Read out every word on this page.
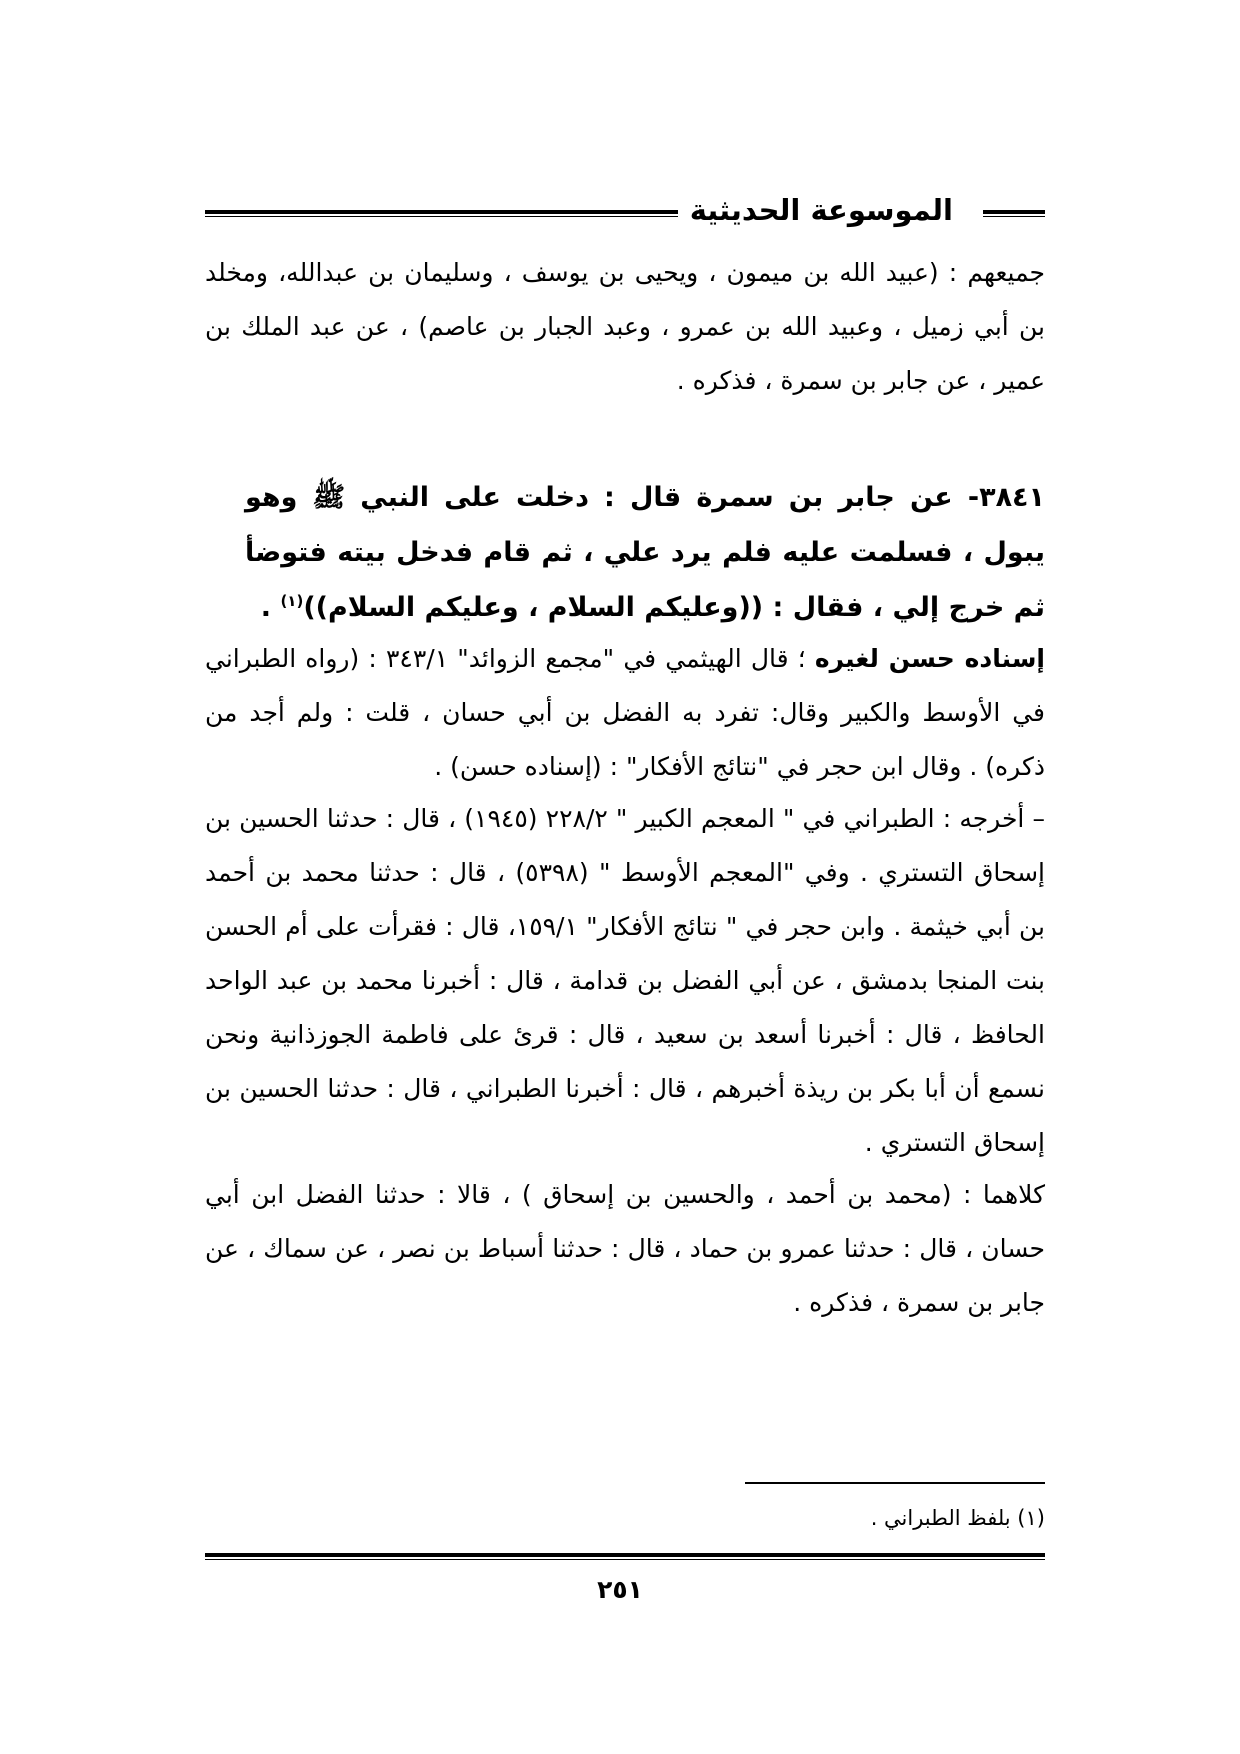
الموسوعة الحديثية
جميعهم : (عبيد الله بن ميمون ، ويحيى بن يوسف ، وسليمان بن عبدالله، ومخلد بن أبي زميل ، وعبيد الله بن عمرو ، وعبد الجبار بن عاصم) ، عن عبد الملك بن عمير ، عن جابر بن سمرة ، فذكره .
٣٨٤١- عن جابر بن سمرة قال : دخلت على النبي ﷺ وهو يبول ، فسلمت عليه فلم يرد علي ، ثم قام فدخل بيته فتوضأ ثم خرج إلي ، فقال : ((وعليكم السلام ، وعليكم السلام))$^{(١)}$ .
إسناده حسن لغيره ؛ قال الهيثمي في "مجمع الزوائد" ٣٤٣/١ : (رواه الطبراني في الأوسط والكبير وقال: تفرد به الفضل بن أبي حسان ، قلت : ولم أجد من ذكره) . وقال ابن حجر في "نتائج الأفكار" : (إسناده حسن) .
– أخرجه : الطبراني في " المعجم الكبير " ٢٢٨/٢ (١٩٤٥) ، قال : حدثنا الحسين بن إسحاق التستري . وفي "المعجم الأوسط " (٥٣٩٨) ، قال : حدثنا محمد بن أحمد بن أبي خيثمة . وابن حجر في " نتائج الأفكار" ١٥٩/١، قال : فقرأت على أم الحسن بنت المنجا بدمشق ، عن أبي الفضل بن قدامة ، قال : أخبرنا محمد بن عبد الواحد الحافظ ، قال : أخبرنا أسعد بن سعيد ، قال : قرئ على فاطمة الجوزذانية ونحن نسمع أن أبا بكر بن ريذة أخبرهم ، قال : أخبرنا الطبراني ، قال : حدثنا الحسين بن إسحاق التستري .
كلاهما : (محمد بن أحمد ، والحسين بن إسحاق ) ، قالا : حدثنا الفضل ابن أبي حسان ، قال : حدثنا عمرو بن حماد ، قال : حدثنا أسباط بن نصر ، عن سماك ، عن جابر بن سمرة ، فذكره .
(١) بلفظ الطبراني .
٢٥١
